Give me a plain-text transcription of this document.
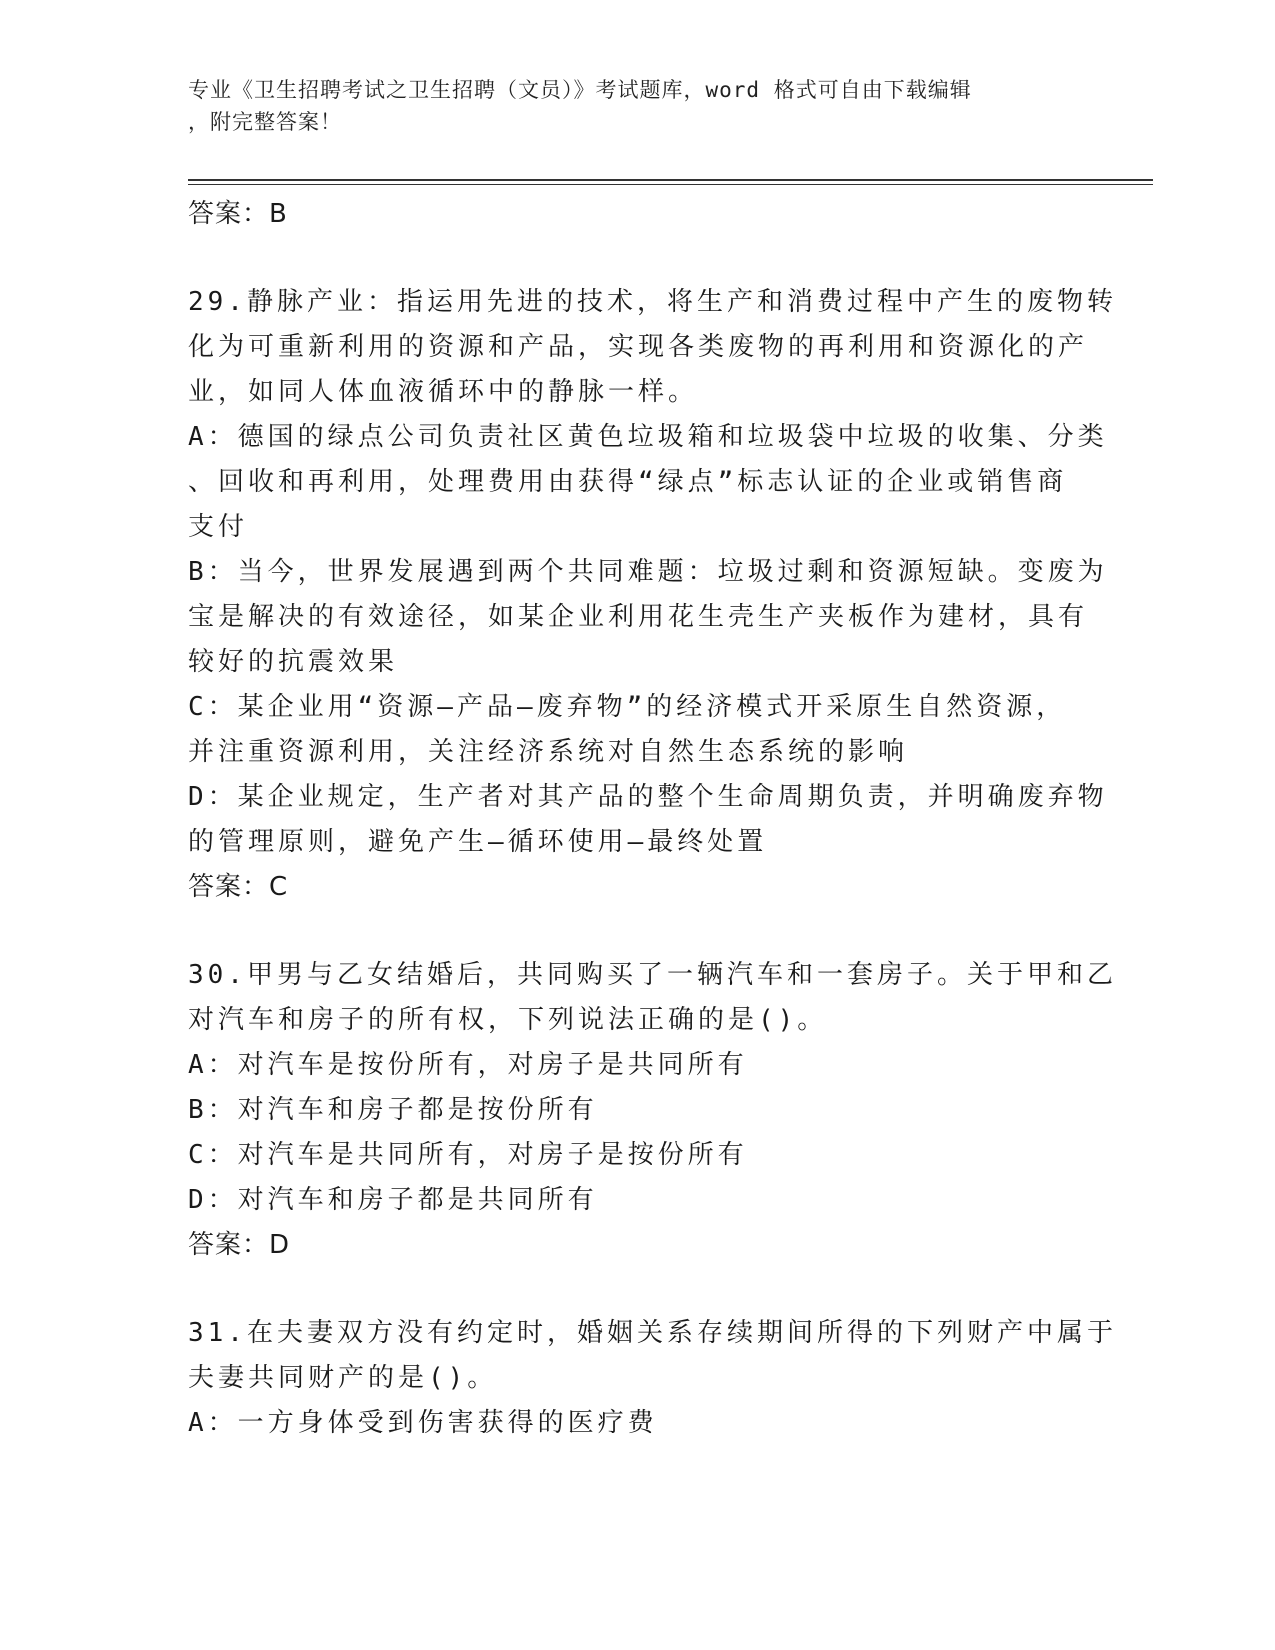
专业《卫生招聘考试之卫生招聘（文员）》考试题库，word 格式可自由下载编辑
，附完整答案！
答案：B
29.静脉产业：指运用先进的技术，将生产和消费过程中产生的废物转
化为可重新利用的资源和产品，实现各类废物的再利用和资源化的产
业，如同人体血液循环中的静脉一样。
A：德国的绿点公司负责社区黄色垃圾箱和垃圾袋中垃圾的收集、分类
、回收和再利用，处理费用由获得“绿点”标志认证的企业或销售商
支付
B：当今，世界发展遇到两个共同难题：垃圾过剩和资源短缺。变废为
宝是解决的有效途径，如某企业利用花生壳生产夹板作为建材，具有
较好的抗震效果
C：某企业用“资源—产品—废弃物”的经济模式开采原生自然资源，
并注重资源利用，关注经济系统对自然生态系统的影响
D：某企业规定，生产者对其产品的整个生命周期负责，并明确废弃物
的管理原则，避免产生—循环使用—最终处置
答案：C
30.甲男与乙女结婚后，共同购买了一辆汽车和一套房子。关于甲和乙
对汽车和房子的所有权，下列说法正确的是()。
A：对汽车是按份所有，对房子是共同所有
B：对汽车和房子都是按份所有
C：对汽车是共同所有，对房子是按份所有
D：对汽车和房子都是共同所有
答案：D
31.在夫妻双方没有约定时，婚姻关系存续期间所得的下列财产中属于
夫妻共同财产的是()。
A：一方身体受到伤害获得的医疗费
